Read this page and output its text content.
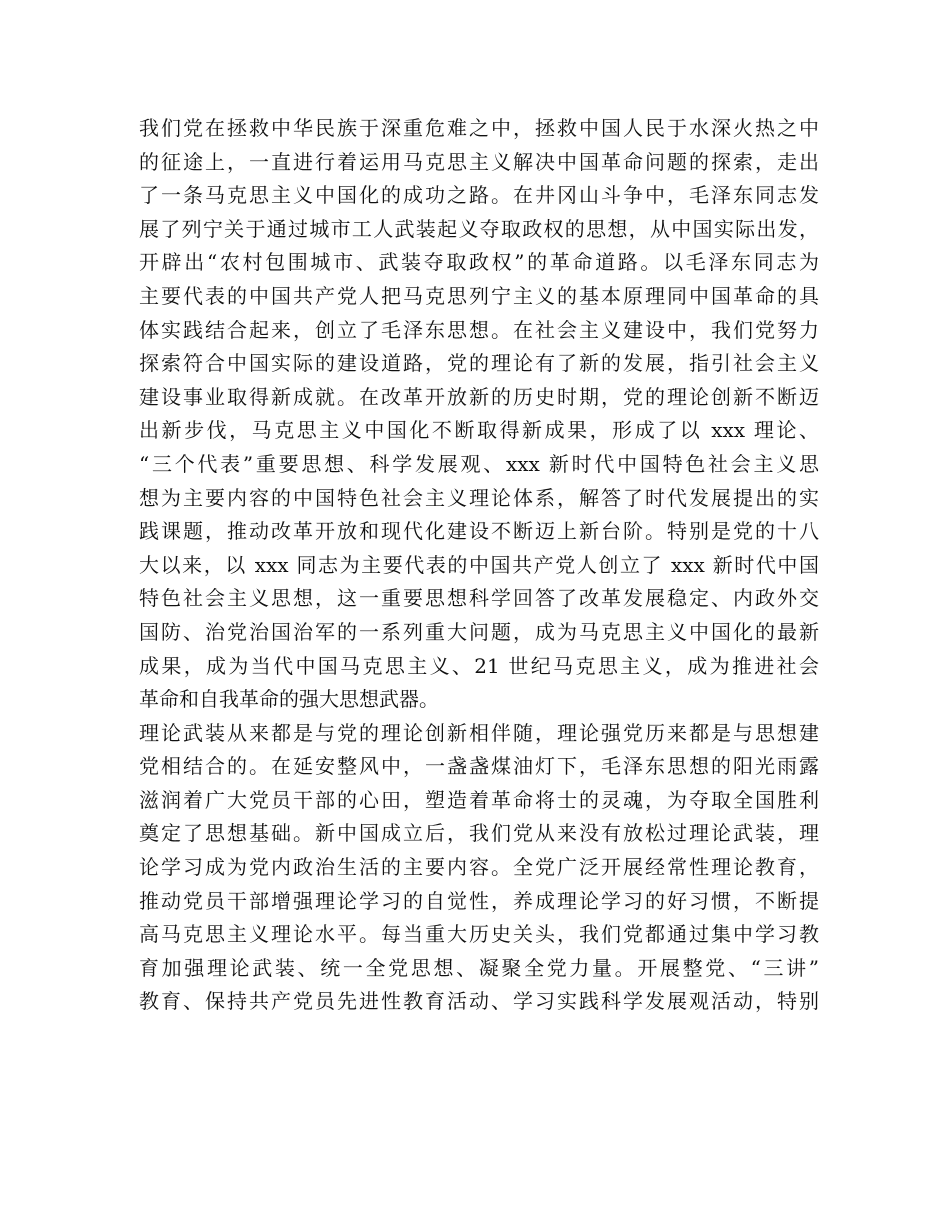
我们党在拯救中华民族于深重危难之中，拯救中国人民于水深火热之中
的征途上，一直进行着运用马克思主义解决中国革命问题的探索，走出
了一条马克思主义中国化的成功之路。在井冈山斗争中，毛泽东同志发
展了列宁关于通过城市工人武装起义夺取政权的思想，从中国实际出发，
开辟出“农村包围城市、武装夺取政权”的革命道路。以毛泽东同志为
主要代表的中国共产党人把马克思列宁主义的基本原理同中国革命的具
体实践结合起来，创立了毛泽东思想。在社会主义建设中，我们党努力
探索符合中国实际的建设道路，党的理论有了新的发展，指引社会主义
建设事业取得新成就。在改革开放新的历史时期，党的理论创新不断迈
出新步伐，马克思主义中国化不断取得新成果，形成了以 xxx 理论、
“三个代表”重要思想、科学发展观、xxx 新时代中国特色社会主义思
想为主要内容的中国特色社会主义理论体系，解答了时代发展提出的实
践课题，推动改革开放和现代化建设不断迈上新台阶。特别是党的十八
大以来，以 xxx 同志为主要代表的中国共产党人创立了 xxx 新时代中国
特色社会主义思想，这一重要思想科学回答了改革发展稳定、内政外交
国防、治党治国治军的一系列重大问题，成为马克思主义中国化的最新
成果，成为当代中国马克思主义、21 世纪马克思主义，成为推进社会
革命和自我革命的强大思想武器。
理论武装从来都是与党的理论创新相伴随，理论强党历来都是与思想建
党相结合的。在延安整风中，一盏盏煤油灯下，毛泽东思想的阳光雨露
滋润着广大党员干部的心田，塑造着革命将士的灵魂，为夺取全国胜利
奠定了思想基础。新中国成立后，我们党从来没有放松过理论武装，理
论学习成为党内政治生活的主要内容。全党广泛开展经常性理论教育，
推动党员干部增强理论学习的自觉性，养成理论学习的好习惯，不断提
高马克思主义理论水平。每当重大历史关头，我们党都通过集中学习教
育加强理论武装、统一全党思想、凝聚全党力量。开展整党、“三讲”
教育、保持共产党员先进性教育活动、学习实践科学发展观活动，特别
